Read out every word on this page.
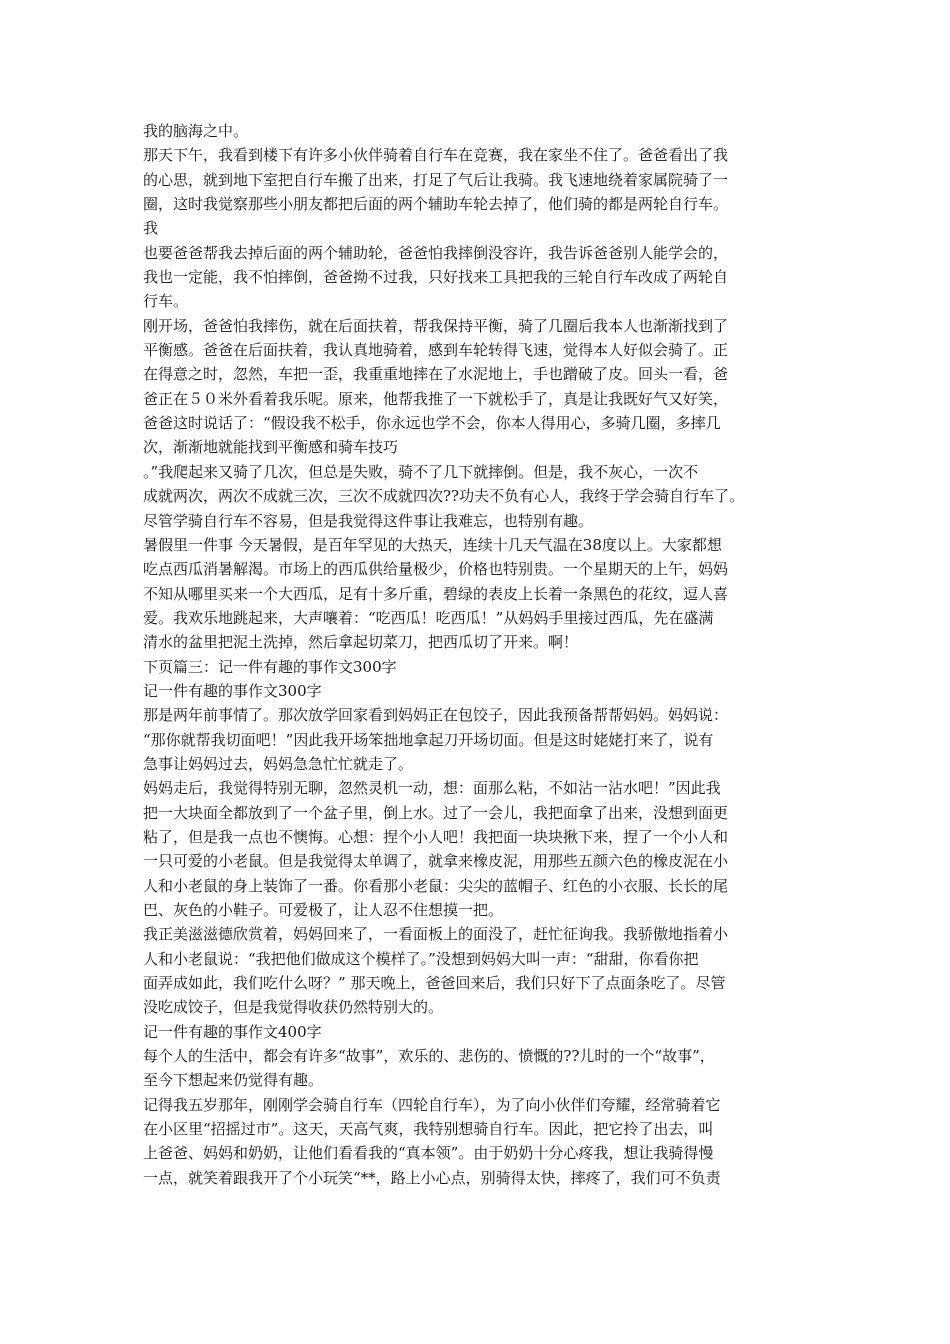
我的脑海之中。
那天下午，我看到楼下有许多小伙伴骑着自行车在竞赛，我在家坐不住了。爸爸看出了我
的心思，就到地下室把自行车搬了出来，打足了气后让我骑。我飞速地绕着家属院骑了一
圈，这时我觉察那些小朋友都把后面的两个辅助车轮去掉了，他们骑的都是两轮自行车。
我
也要爸爸帮我去掉后面的两个辅助轮，爸爸怕我摔倒没容许，我告诉爸爸别人能学会的，
我也一定能，我不怕摔倒，爸爸拗不过我，只好找来工具把我的三轮自行车改成了两轮自
行车。
刚开场，爸爸怕我摔伤，就在后面扶着，帮我保持平衡，骑了几圈后我本人也渐渐找到了
平衡感。爸爸在后面扶着，我认真地骑着，感到车轮转得飞速，觉得本人好似会骑了。正
在得意之时，忽然，车把一歪，我重重地摔在了水泥地上，手也蹭破了皮。回头一看，爸
爸正在５０米外看着我乐呢。原来，他帮我推了一下就松手了，真是让我既好气又好笑，
爸爸这时说话了：“假设我不松手，你永远也学不会，你本人得用心，多骑几圈，多摔几
次，渐渐地就能找到平衡感和骑车技巧
。”我爬起来又骑了几次，但总是失败，骑不了几下就摔倒。但是，我不灰心，一次不
成就两次，两次不成就三次，三次不成就四次??功夫不负有心人，我终于学会骑自行车了。
尽管学骑自行车不容易，但是我觉得这件事让我难忘，也特别有趣。
暑假里一件事 今天暑假，是百年罕见的大热天，连续十几天气温在38度以上。大家都想
吃点西瓜消暑解渴。市场上的西瓜供给量极少，价格也特别贵。一个星期天的上午，妈妈
不知从哪里买来一个大西瓜，足有十多斤重，碧绿的表皮上长着一条黑色的花纹，逗人喜
爱。我欢乐地跳起来，大声嚷着：“吃西瓜！吃西瓜！”从妈妈手里接过西瓜，先在盛满
清水的盆里把泥土洗掉，然后拿起切菜刀，把西瓜切了开来。啊！
下页篇三：记一件有趣的事作文300字
记一件有趣的事作文300字
那是两年前事情了。那次放学回家看到妈妈正在包饺子，因此我预备帮帮妈妈。妈妈说：
“那你就帮我切面吧！”因此我开场笨拙地拿起刀开场切面。但是这时姥姥打来了，说有
急事让妈妈过去，妈妈急急忙忙就走了。
妈妈走后，我觉得特别无聊，忽然灵机一动，想：面那么粘，不如沾一沾水吧！”因此我
把一大块面全都放到了一个盆子里，倒上水。过了一会儿，我把面拿了出来，没想到面更
粘了，但是我一点也不懊悔。心想：捏个小人吧！我把面一块块揪下来，捏了一个小人和
一只可爱的小老鼠。但是我觉得太单调了，就拿来橡皮泥，用那些五颜六色的橡皮泥在小
人和小老鼠的身上装饰了一番。你看那小老鼠：尖尖的蓝帽子、红色的小衣服、长长的尾
巴、灰色的小鞋子。可爱极了，让人忍不住想摸一把。
我正美滋滋德欣赏着，妈妈回来了，一看面板上的面没了，赶忙征询我。我骄傲地指着小
人和小老鼠说：“我把他们做成这个模样了。”没想到妈妈大叫一声：“甜甜，你看你把
面弄成如此，我们吃什么呀？” 那天晚上，爸爸回来后，我们只好下了点面条吃了。尽管
没吃成饺子，但是我觉得收获仍然特别大的。
记一件有趣的事作文400字
每个人的生活中，都会有许多“故事”，欢乐的、悲伤的、愤慨的??儿时的一个“故事”，
至今下想起来仍觉得有趣。
记得我五岁那年，刚刚学会骑自行车（四轮自行车），为了向小伙伴们夸耀，经常骑着它
在小区里“招摇过市”。这天，天高气爽，我特别想骑自行车。因此，把它拎了出去，叫
上爸爸、妈妈和奶奶，让他们看看我的“真本领”。由于奶奶十分心疼我，想让我骑得慢
一点，就笑着跟我开了个小玩笑“**，路上小心点，别骑得太快，摔疼了，我们可不负责
